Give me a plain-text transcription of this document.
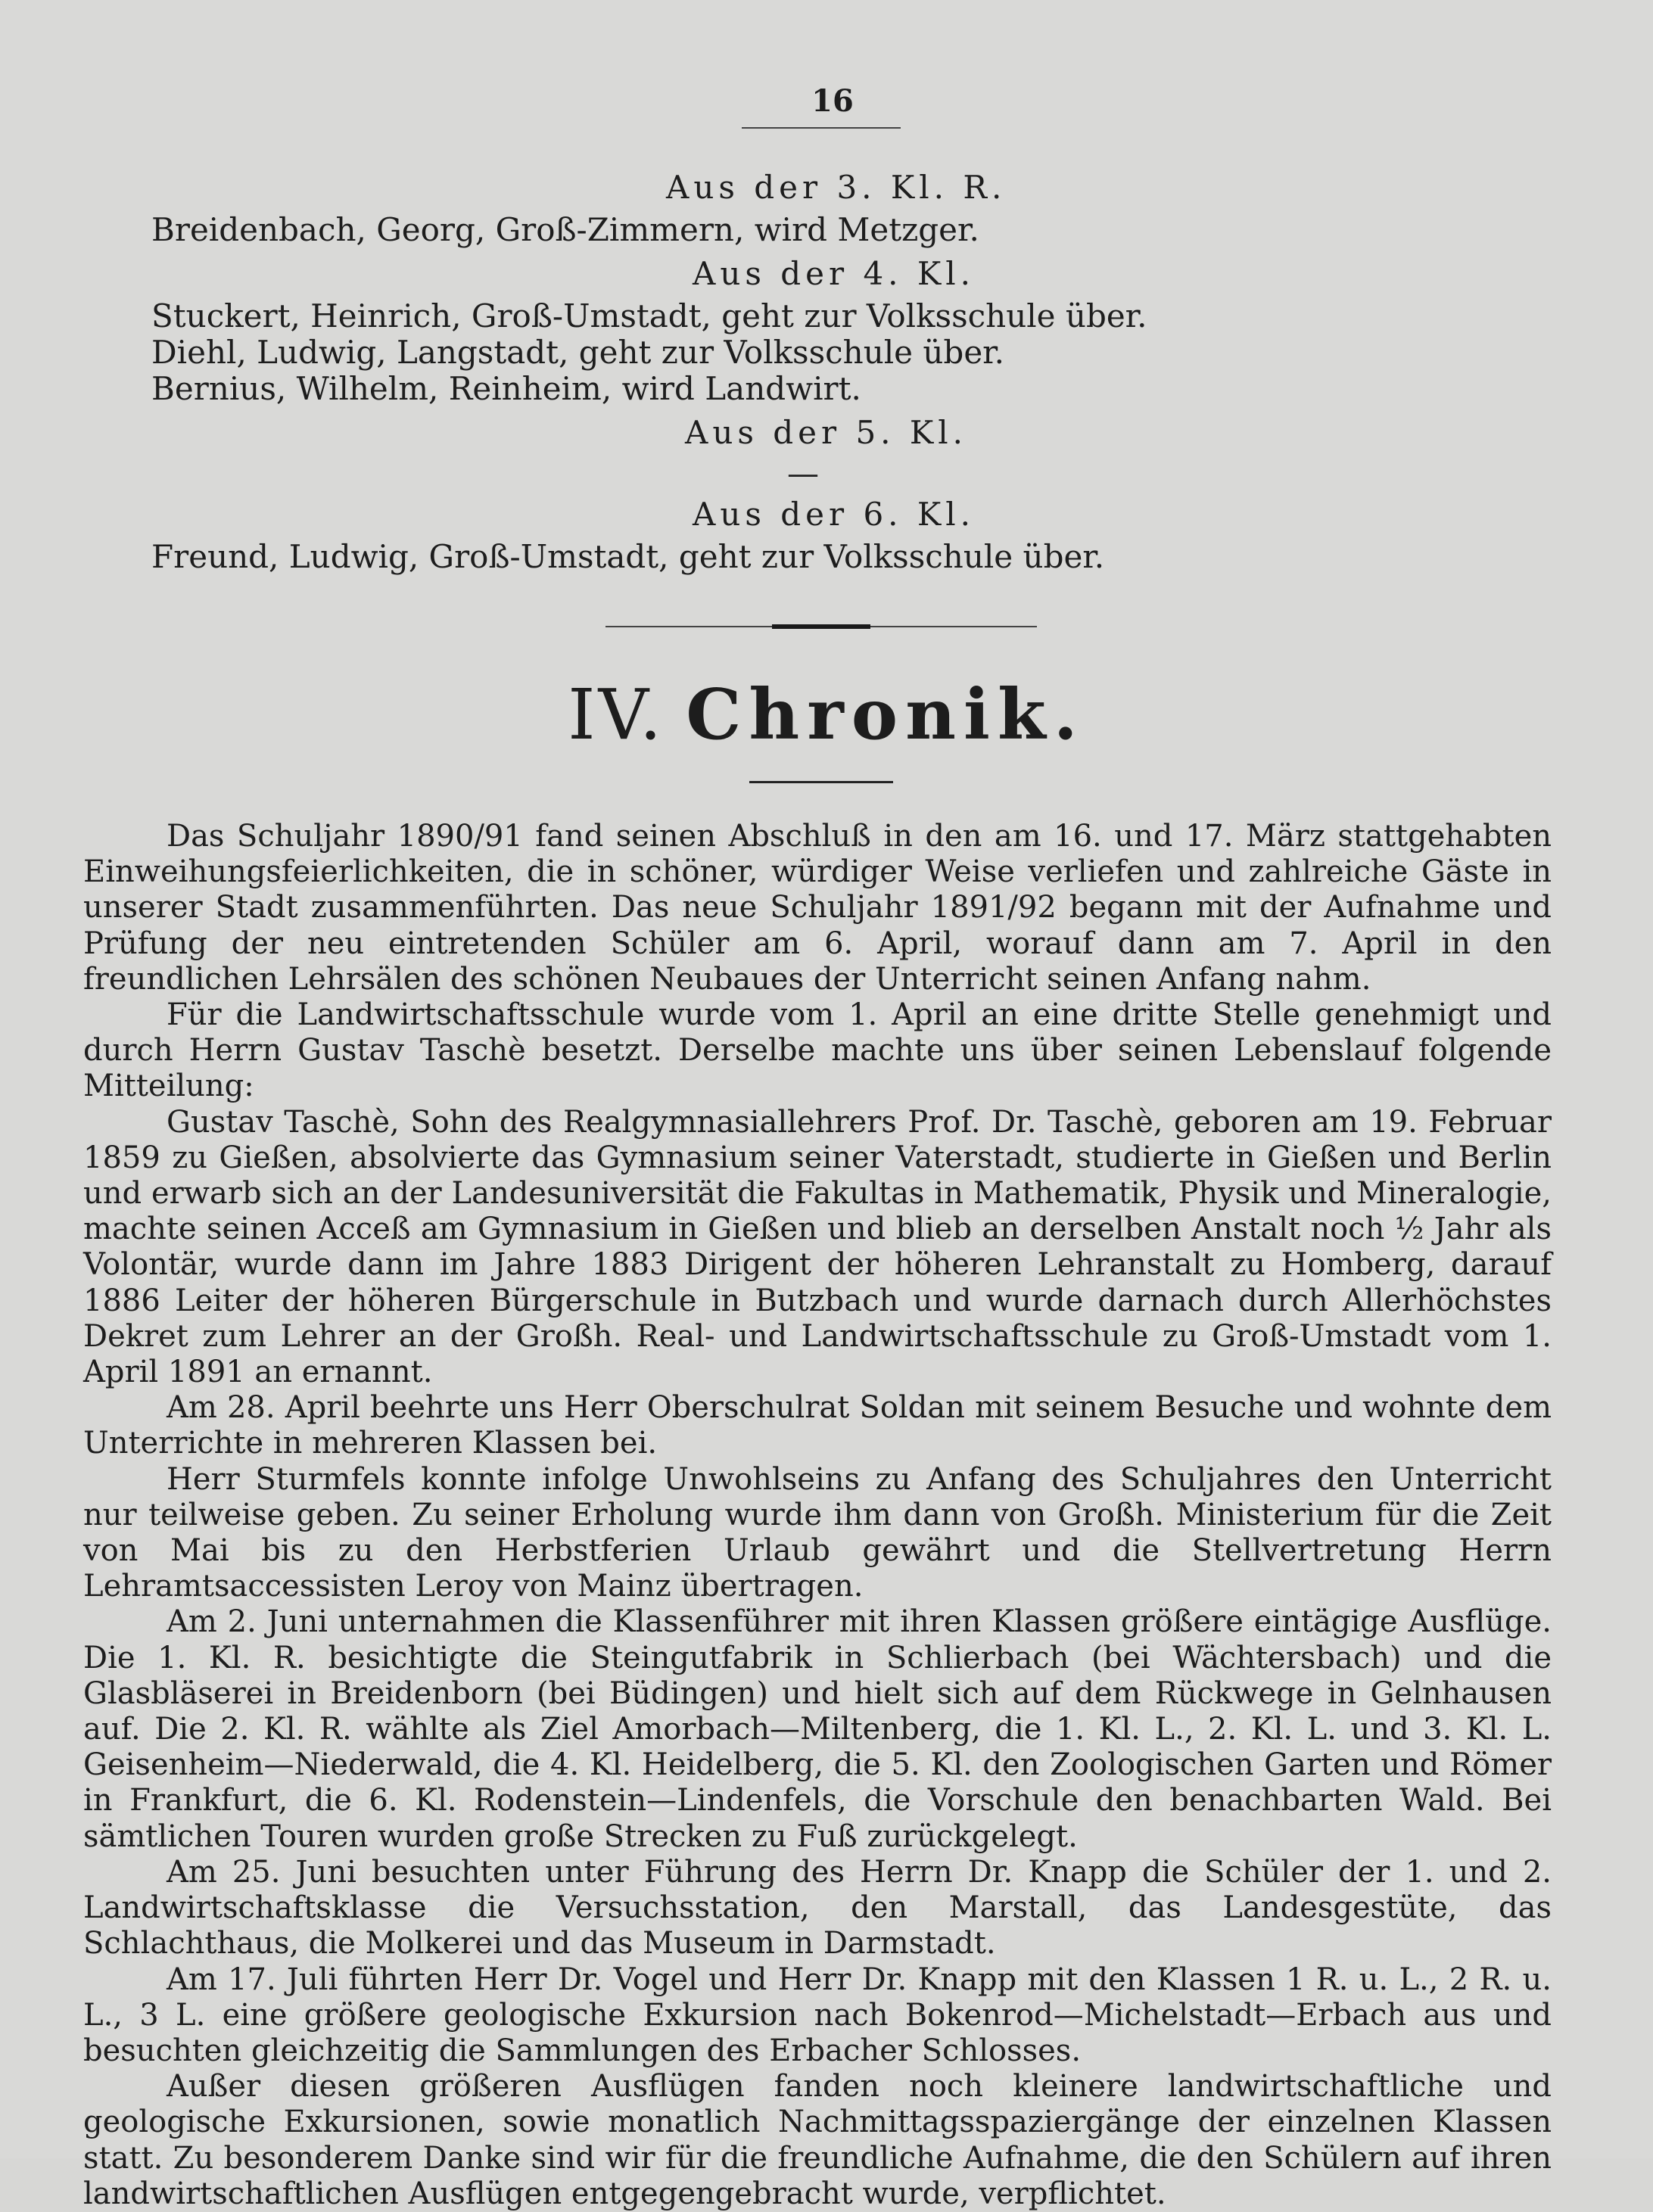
16
Aus der 3. Kl. R.
Breidenbach, Georg, Groß-Zimmern, wird Metzger.
Aus der 4. Kl.
Stuckert, Heinrich, Groß-Umstadt, geht zur Volksschule über.
Diehl, Ludwig, Langstadt, geht zur Volksschule über.
Bernius, Wilhelm, Reinheim, wird Landwirt.
Aus der 5. Kl.
—
Aus der 6. Kl.
Freund, Ludwig, Groß-Umstadt, geht zur Volksschule über.
IV. Chronik.

Das Schuljahr 1890/91 fand seinen Abschluß in den am 16. und 17. März stattgehabten Einweihungsfeierlichkeiten, die in schöner, würdiger Weise verliefen und zahlreiche Gäste in unserer Stadt zusammenführten. Das neue Schuljahr 1891/92 begann mit der Aufnahme und Prüfung der neu eintretenden Schüler am 6. April, worauf dann am 7. April in den freundlichen Lehrsälen des schönen Neubaues der Unterricht seinen Anfang nahm.

Für die Landwirtschaftsschule wurde vom 1. April an eine dritte Stelle genehmigt und durch Herrn Gustav Taschè besetzt. Derselbe machte uns über seinen Lebenslauf folgende Mitteilung:

Gustav Taschè, Sohn des Realgymnasiallehrers Prof. Dr. Taschè, geboren am 19. Februar 1859 zu Gießen, absolvierte das Gymnasium seiner Vaterstadt, studierte in Gießen und Berlin und erwarb sich an der Landesuniversität die Fakultas in Mathematik, Physik und Mineralogie, machte seinen Acceß am Gymnasium in Gießen und blieb an derselben Anstalt noch ½ Jahr als Volontär, wurde dann im Jahre 1883 Dirigent der höheren Lehranstalt zu Homberg, darauf 1886 Leiter der höheren Bürgerschule in Butzbach und wurde darnach durch Allerhöchstes Dekret zum Lehrer an der Großh. Real- und Landwirtschaftsschule zu Groß-Umstadt vom 1. April 1891 an ernannt.

Am 28. April beehrte uns Herr Oberschulrat Soldan mit seinem Besuche und wohnte dem Unterrichte in mehreren Klassen bei.

Herr Sturmfels konnte infolge Unwohlseins zu Anfang des Schuljahres den Unterricht nur teilweise geben. Zu seiner Erholung wurde ihm dann von Großh. Ministerium für die Zeit von Mai bis zu den Herbstferien Urlaub gewährt und die Stellvertretung Herrn Lehramtsaccessisten Leroy von Mainz übertragen.

Am 2. Juni unternahmen die Klassenführer mit ihren Klassen größere eintägige Ausflüge. Die 1. Kl. R. besichtigte die Steingutfabrik in Schlierbach (bei Wächtersbach) und die Glasbläserei in Breidenborn (bei Büdingen) und hielt sich auf dem Rückwege in Gelnhausen auf. Die 2. Kl. R. wählte als Ziel Amorbach—Miltenberg, die 1. Kl. L., 2. Kl. L. und 3. Kl. L. Geisenheim—Niederwald, die 4. Kl. Heidelberg, die 5. Kl. den Zoologischen Garten und Römer in Frankfurt, die 6. Kl. Rodenstein—Lindenfels, die Vorschule den benachbarten Wald. Bei sämtlichen Touren wurden große Strecken zu Fuß zurückgelegt.

Am 25. Juni besuchten unter Führung des Herrn Dr. Knapp die Schüler der 1. und 2. Landwirtschaftsklasse die Versuchsstation, den Marstall, das Landesgestüte, das Schlachthaus, die Molkerei und das Museum in Darmstadt.

Am 17. Juli führten Herr Dr. Vogel und Herr Dr. Knapp mit den Klassen 1 R. u. L., 2 R. u. L., 3 L. eine größere geologische Exkursion nach Bokenrod—Michelstadt—Erbach aus und besuchten gleichzeitig die Sammlungen des Erbacher Schlosses.

Außer diesen größeren Ausflügen fanden noch kleinere landwirtschaftliche und geologische Exkursionen, sowie monatlich Nachmittagsspaziergänge der einzelnen Klassen statt. Zu besonderem Danke sind wir für die freundliche Aufnahme, die den Schülern auf ihren landwirtschaftlichen Ausflügen entgegengebracht wurde, verpflichtet.
